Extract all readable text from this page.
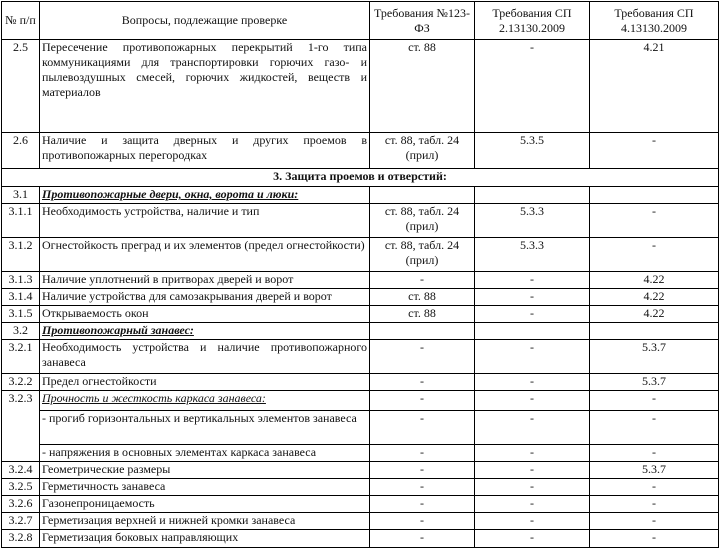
№ п/п	Вопросы, подлежащие проверке	Требования №123-ФЗ	Требования СП 2.13130.2009	Требования СП 4.13130.2009
2.5	Пересечение противопожарных перекрытий 1-го типа коммуникациями для транспортировки горючих газо- и пылевоздушных смесей, горючих жидкостей, веществ и материалов	ст. 88	-	4.21
2.6	Наличие и защита дверных и других проемов в противопожарных перегородках	ст. 88, табл. 24 (прил)	5.3.5	-
3. Защита проемов и отверстий:				
3.1	Противопожарные двери, окна, ворота и люки:			
3.1.1	Необходимость устройства, наличие и тип	ст. 88, табл. 24 (прил)	5.3.3	-
3.1.2	Огнестойкость преград и их элементов (предел огнестойкости)	ст. 88, табл. 24 (прил)	5.3.3	-
3.1.3	Наличие уплотнений в притворах дверей и ворот	-	-	4.22
3.1.4	Наличие устройства для самозакрывания дверей и ворот	ст. 88	-	4.22
3.1.5	Открываемость окон	ст. 88	-	4.22
3.2	Противопожарный занавес:			
3.2.1	Необходимость устройства и наличие противопожарного занавеса	-	-	5.3.7
3.2.2	Предел огнестойкости	-	-	5.3.7
3.2.3	Прочность и жесткость каркаса занавеса:	-	-	-
	- прогиб горизонтальных и вертикальных элементов занавеса	-	-	-
	- напряжения в основных элементах каркаса занавеса	-	-	-
3.2.4	Геометрические размеры	-	-	5.3.7
3.2.5	Герметичность занавеса	-	-	-
3.2.6	Газонепроницаемость	-	-	-
3.2.7	Герметизация верхней и нижней кромки занавеса	-	-	-
3.2.8	Герметизация боковых направляющих	-	-	-
